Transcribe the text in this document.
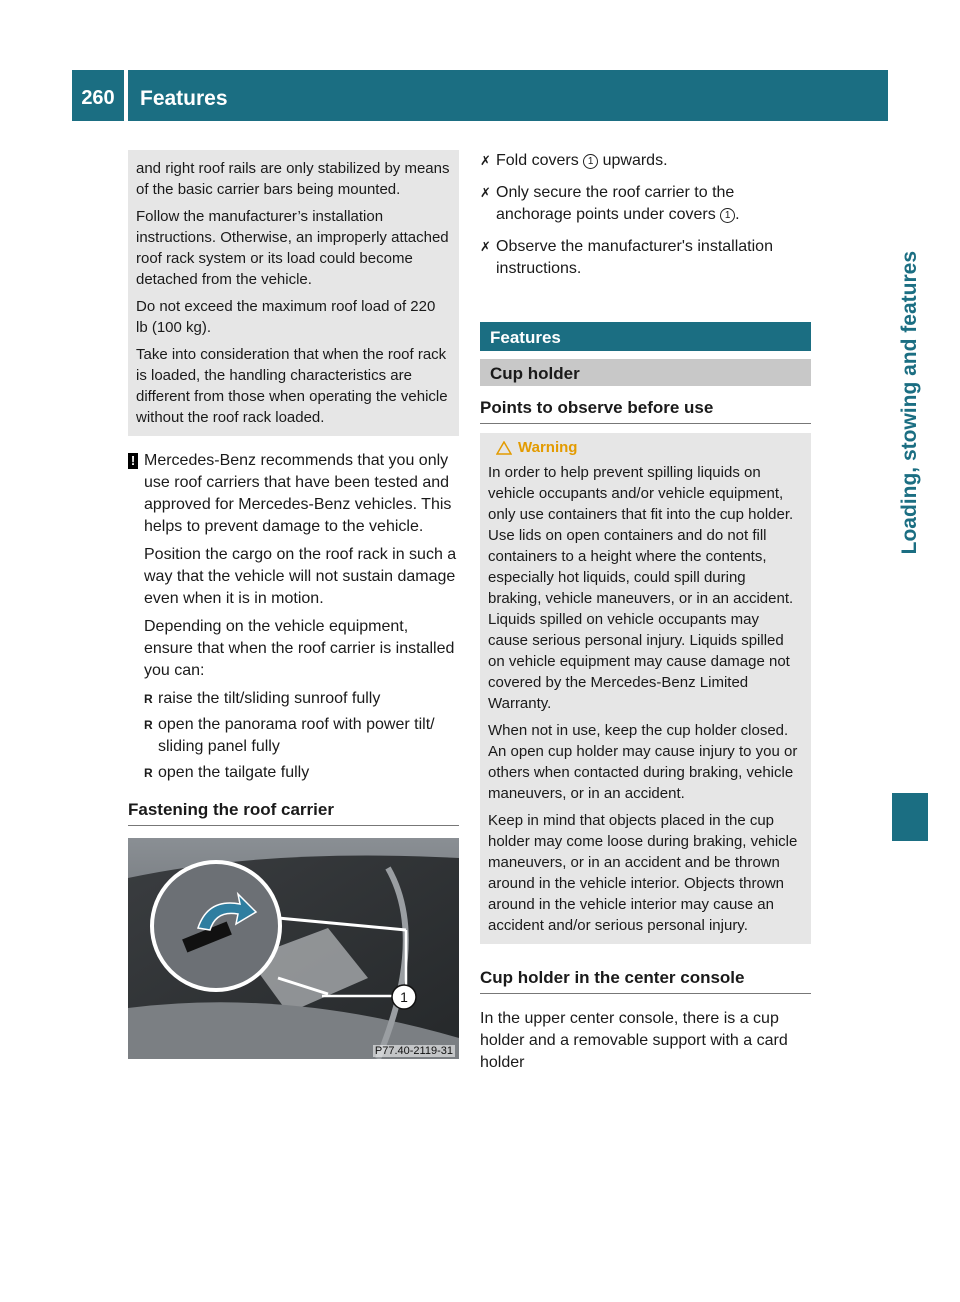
260	Features
Loading, stowing and features

and right roof rails are only stabilized by means of the basic carrier bars being mounted.

Follow the manufacturer’s installation instructions. Otherwise, an improperly attached roof rack system or its load could become detached from the vehicle.

Do not exceed the maximum roof load of 220 lb (100 kg).

Take into consideration that when the roof rack is loaded, the handling characteristics are different from those when operating the vehicle without the roof rack loaded.

! Mercedes-Benz recommends that you only use roof carriers that have been tested and approved for Mercedes-Benz vehicles. This helps to prevent damage to the vehicle.

Position the cargo on the roof rack in such a way that the vehicle will not sustain damage even when it is in motion.

Depending on the vehicle equipment, ensure that when the roof carrier is installed you can:

R raise the tilt/sliding sunroof fully
R open the panorama roof with power tilt/ sliding panel fully
R open the tailgate fully
Fastening the roof carrier
1
P77.40-2119-31
✗ Fold covers 1 upwards.
✗ Only secure the roof carrier to the anchorage points under covers 1 .
✗ Observe the manufacturer's installation instructions.
Features
Cup holder
Points to observe before use
Warning

In order to help prevent spilling liquids on vehicle occupants and/or vehicle equipment, only use containers that fit into the cup holder. Use lids on open containers and do not fill containers to a height where the contents, especially hot liquids, could spill during braking, vehicle maneuvers, or in an accident. Liquids spilled on vehicle occupants may cause serious personal injury. Liquids spilled on vehicle equipment may cause damage not covered by the Mercedes-Benz Limited Warranty.

When not in use, keep the cup holder closed. An open cup holder may cause injury to you or others when contacted during braking, vehicle maneuvers, or in an accident.

Keep in mind that objects placed in the cup holder may come loose during braking, vehicle maneuvers, or in an accident and be thrown around in the vehicle interior. Objects thrown around in the vehicle interior may cause an accident and/or serious personal injury.

Cup holder in the center console

In the upper center console, there is a cup holder and a removable support with a card holder
